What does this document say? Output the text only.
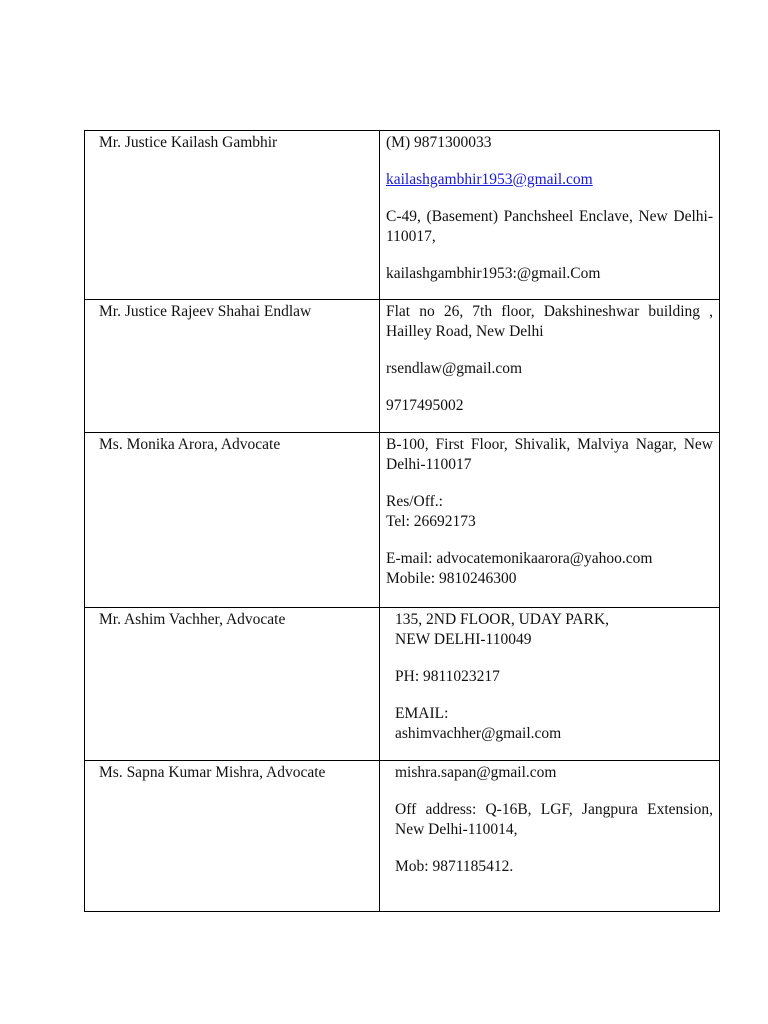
Mr. Justice Kailash Gambhir	(M) 9871300033
kailashgambhir1953@gmail.com
C-49, (Basement) Panchsheel Enclave, New Delhi-110017,
kailashgambhir1953:@gmail.Com

Mr. Justice Rajeev Shahai Endlaw	Flat no 26, 7th floor, Dakshineshwar building , Hailley Road, New Delhi
rsendlaw@gmail.com
9717495002

Ms. Monika Arora, Advocate	B-100, First Floor, Shivalik, Malviya Nagar, New Delhi-110017
Res/Off.:
Tel: 26692173
E-mail: advocatemonikaarora@yahoo.com
Mobile: 9810246300

Mr. Ashim Vachher, Advocate	135, 2ND FLOOR, UDAY PARK,
NEW DELHI-110049
PH: 9811023217
EMAIL:
ashimvachher@gmail.com

Ms. Sapna Kumar Mishra, Advocate	mishra.sapan@gmail.com
Off address: Q-16B, LGF, Jangpura Extension, New Delhi-110014,
Mob: 9871185412.
